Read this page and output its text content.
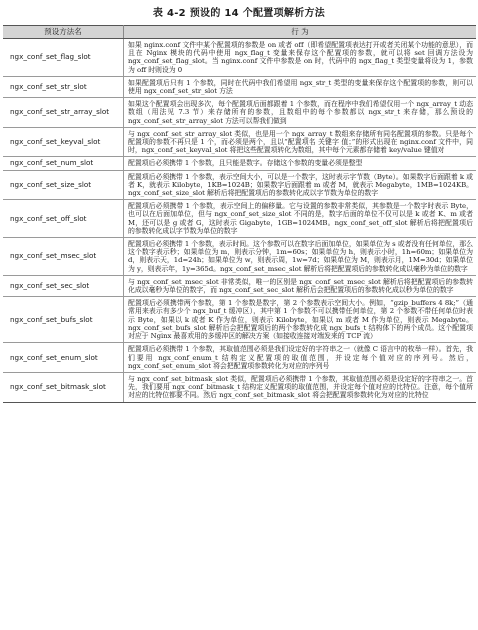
表 4-2 预设的 14 个配置项解析方法
预设方法名	行 为
ngx_conf_set_flag_slot	如果 nginx.conf 文件中某个配置项的参数是 on 或者 off（即希望配置项表达打开或者关闭某个功能的意思），而且在 Nginx 模块的代码中使用 ngx_flag_t 变量来保存这个配置项的参数，就可以将 set 回调方法设为 ngx_conf_set_flag_slot。当 nginx.conf 文件中参数是 on 时，代码中的 ngx_flag_t 类型变量将设为 1，参数为 off 时则设为 0
ngx_conf_set_str_slot	如果配置项后只有 1 个参数，同时在代码中我们希望用 ngx_str_t 类型的变量来保存这个配置项的参数，则可以使用 ngx_conf_set_str_slot 方法
ngx_conf_set_str_array_slot	如果这个配置项会出现多次，每个配置项后面都跟着 1 个参数，而在程序中我们希望仅用一个 ngx_array_t 动态数组（用法见 7.3 节）来存储所有的参数，且数组中的每个参数都以 ngx_str_t 来存储，那么预设的 ngx_conf_set_str_array_slot 方法可以帮我们做到
ngx_conf_set_keyval_slot	与 ngx_conf_set_str_array_slot 类似，也是用一个 ngx_array_t 数组来存储所有同名配置项的参数。只是每个配置项的参数不再只是 1 个，而必须是两个，且以“配置项名 关键字 值；”的形式出现在 nginx.conf 文件中，同时，ngx_conf_set_keyval_slot 将把这些配置项转化为数组，其中每个元素都存储着 key/value 键值对
ngx_conf_set_num_slot	配置项后必须携带 1 个参数，且只能是数字。存储这个参数的变量必须是整型
ngx_conf_set_size_slot	配置项后必须携带 1 个参数，表示空间大小，可以是一个数字，这时表示字节数（Byte）。如果数字后面跟着 k 或者 K，就表示 Kilobyte，1KB=1024B；如果数字后面跟着 m 或者 M，就表示 Megabyte，1MB=1024KB。ngx_conf_set_size_slot 解析后将把配置项后的参数转化成以字节数为单位的数字
ngx_conf_set_off_slot	配置项后必须携带 1 个参数，表示空间上的偏移量。它与设置的参数非常类似，其参数是一个数字时表示 Byte，也可以在后面加单位，但与 ngx_conf_set_size_slot 不同的是，数字后面的单位不仅可以是 k 或者 K、m 或者 M，还可以是 g 或者 G，这时表示 Gigabyte，1GB=1024MB。ngx_conf_set_off_slot 解析后将把配置项后的参数转化成以字节数为单位的数字
ngx_conf_set_msec_slot	配置项后必须携带 1 个参数，表示时间。这个参数可以在数字后面加单位，如果单位为 s 或者没有任何单位，那么这个数字表示秒；如果单位为 m，则表示分钟，1m=60s；如果单位为 h，则表示小时，1h=60m；如果单位为 d，则表示天，1d=24h；如果单位为 w，则表示周，1w=7d；如果单位为 M，则表示月，1M=30d；如果单位为 y，则表示年，1y=365d。ngx_conf_set_msec_slot 解析后将把配置项后的参数转化成以毫秒为单位的数字
ngx_conf_set_sec_slot	与 ngx_conf_set_msec_slot 非常类似，唯一的区别是 ngx_conf_set_msec_slot 解析后将把配置项后的参数转化成以毫秒为单位的数字，而 ngx_conf_set_sec_slot 解析后会把配置项后的参数转化成以秒为单位的数字
ngx_conf_set_bufs_slot	配置项后必须携带两个参数，第 1 个参数是数字，第 2 个参数表示空间大小。例如，“gzip_buffers 4 8k;”（通常用来表示有多少个 ngx_buf_t 缓冲区），其中第 1 个参数不可以携带任何单位，第 2 个参数不带任何单位时表示 Byte，如果以 k 或者 K 作为单位，则表示 Kilobyte，如果以 m 或者 M 作为单位，则表示 Megabyte。ngx_conf_set_bufs_slot 解析后会把配置项后的两个参数转化成 ngx_bufs_t 结构体下的两个成员。这个配置项对应于 Nginx 最喜欢用的多缓冲区的解决方案（如接收连接对端发来的 TCP 流）
ngx_conf_set_enum_slot	配置项后必须携带 1 个参数，其取值范围必须是我们设定好的字符串之一（就像 C 语言中的枚举一样）。首先，我们要用 ngx_conf_enum_t 结构定义配置项的取值范围，并设定每个值对应的序列号。然后，ngx_conf_set_enum_slot 将会把配置项参数转化为对应的序列号
ngx_conf_set_bitmask_slot	与 ngx_conf_set_bitmask_slot 类似，配置项后必须携带 1 个参数，其取值范围必须是设定好的字符串之一。首先，我们要用 ngx_conf_bitmask_t 结构定义配置项的取值范围，并设定每个值对应的比特位。注意，每个值所对应的比特位都要不同。然后 ngx_conf_set_bitmask_slot 将会把配置项参数转化为对应的比特位
